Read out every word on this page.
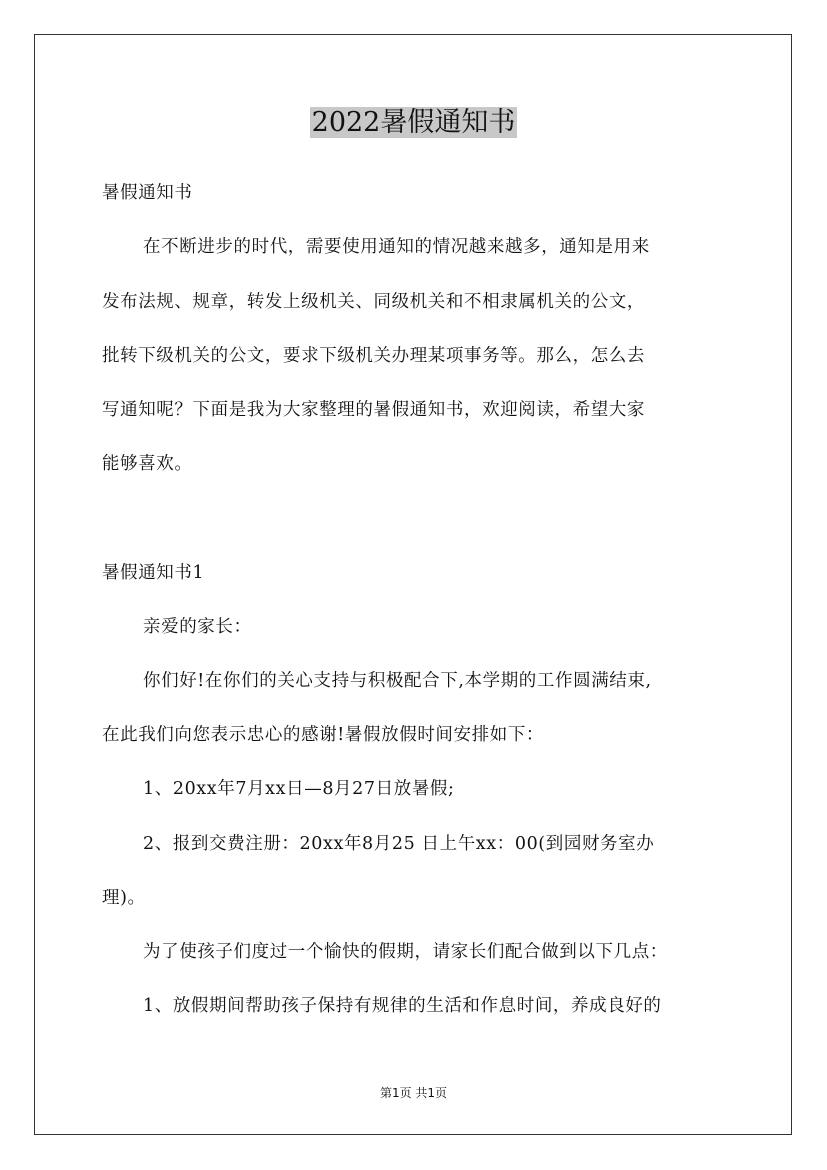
2022暑假通知书
暑假通知书
在不断进步的时代，需要使用通知的情况越来越多，通知是用来
发布法规、规章，转发上级机关、同级机关和不相隶属机关的公文，
批转下级机关的公文，要求下级机关办理某项事务等。那么，怎么去
写通知呢？下面是我为大家整理的暑假通知书，欢迎阅读，希望大家
能够喜欢。
暑假通知书1
亲爱的家长：
你们好!在你们的关心支持与积极配合下,本学期的工作圆满结束,
在此我们向您表示忠心的感谢!暑假放假时间安排如下：
1、20xx年7月xx日—8月27日放暑假;
2、报到交费注册：20xx年8月25 日上午xx：00(到园财务室办
理)。
为了使孩子们度过一个愉快的假期，请家长们配合做到以下几点：
1、放假期间帮助孩子保持有规律的生活和作息时间，养成良好的
第1页 共1页
